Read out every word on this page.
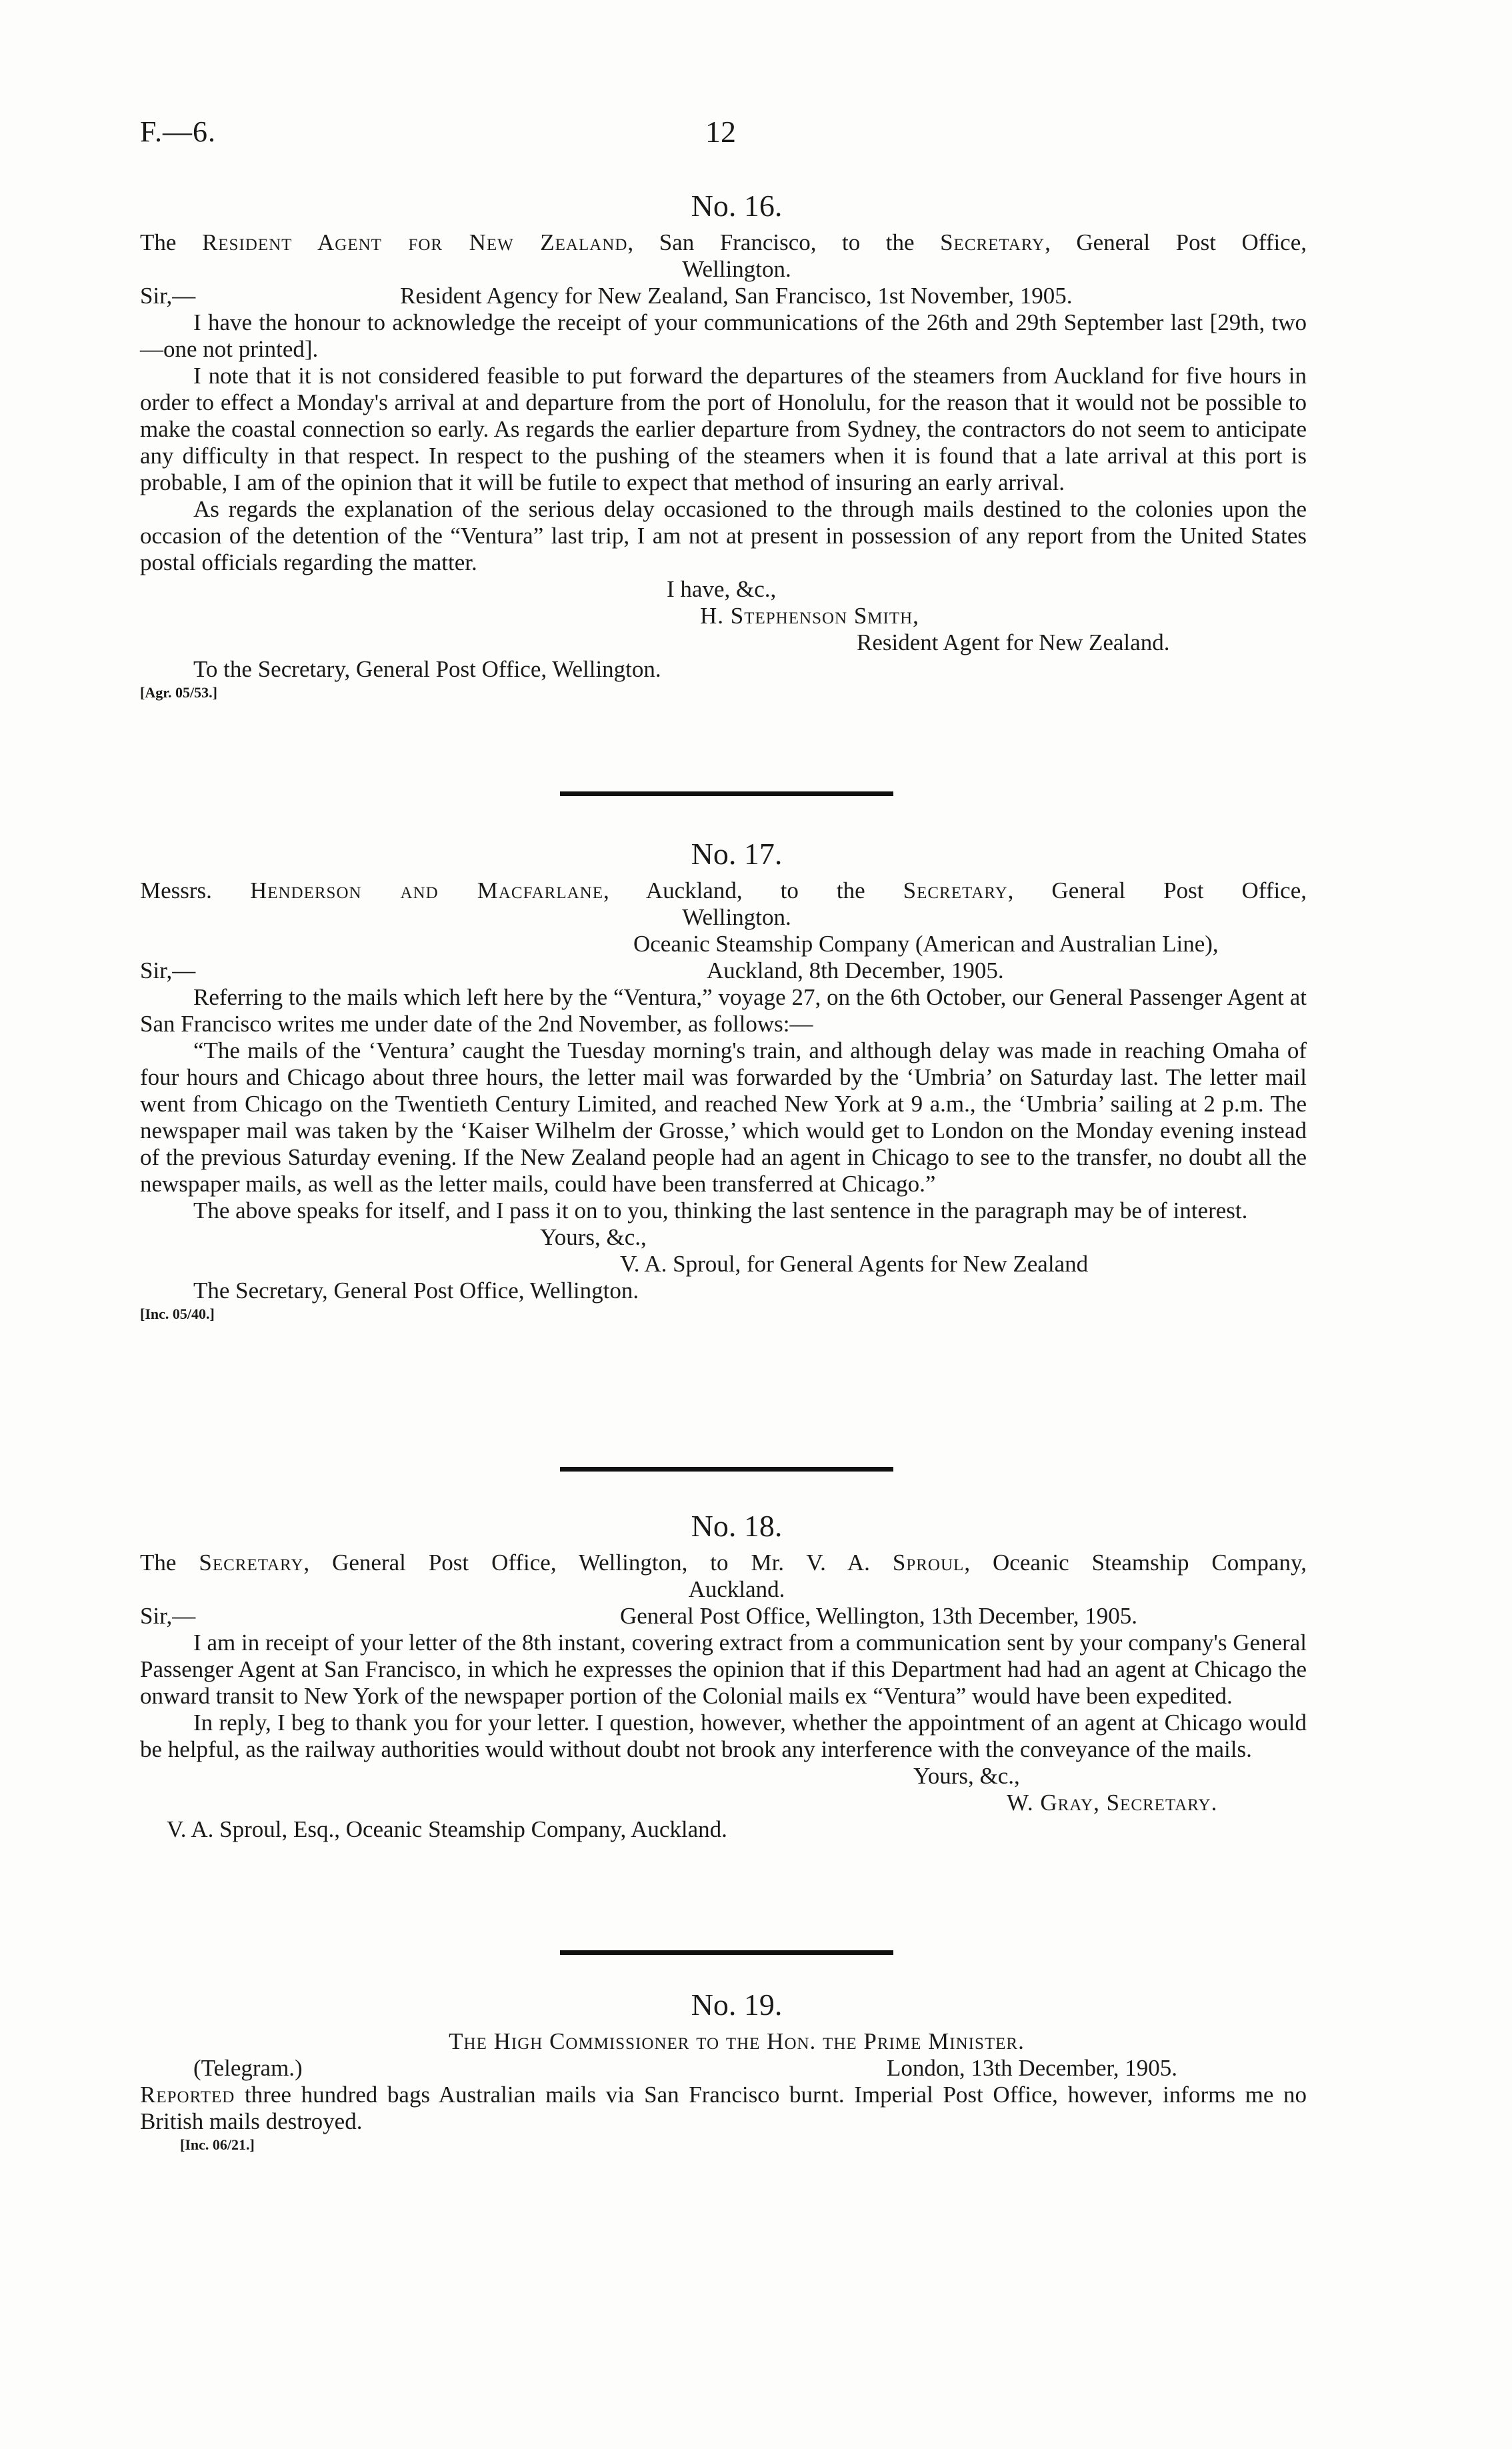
F.—6.	12
No. 16.

The Resident Agent for New Zealand, San Francisco, to the Secretary, General Post Office,

Wellington.

Sir,—	Resident Agency for New Zealand, San Francisco, 1st November, 1905.

I have the honour to acknowledge the receipt of your communications of the 26th and 29th September last [29th, two—one not printed].

I note that it is not considered feasible to put forward the departures of the steamers from Auckland for five hours in order to effect a Monday's arrival at and departure from the port of Honolulu, for the reason that it would not be possible to make the coastal connection so early. As regards the earlier departure from Sydney, the contractors do not seem to anticipate any difficulty in that respect. In respect to the pushing of the steamers when it is found that a late arrival at this port is probable, I am of the opinion that it will be futile to expect that method of insuring an early arrival.

As regards the explanation of the serious delay occasioned to the through mails destined to the colonies upon the occasion of the detention of the “Ventura” last trip, I am not at present in possession of any report from the United States postal officials regarding the matter.

I have, &c.,
H. Stephenson Smith,
Resident Agent for New Zealand.
To the Secretary, General Post Office, Wellington.
[Agr. 05/53.]
No. 17.

Messrs. Henderson and Macfarlane, Auckland, to the Secretary, General Post Office,

Wellington.

Oceanic Steamship Company (American and Australian Line),
Sir,—	Auckland, 8th December, 1905.

Referring to the mails which left here by the “Ventura,” voyage 27, on the 6th October, our General Passenger Agent at San Francisco writes me under date of the 2nd November, as follows:—

“The mails of the ‘Ventura’ caught the Tuesday morning's train, and although delay was made in reaching Omaha of four hours and Chicago about three hours, the letter mail was forwarded by the ‘Umbria’ on Saturday last. The letter mail went from Chicago on the Twentieth Century Limited, and reached New York at 9 a.m., the ‘Umbria’ sailing at 2 p.m. The newspaper mail was taken by the ‘Kaiser Wilhelm der Grosse,’ which would get to London on the Monday evening instead of the previous Saturday evening. If the New Zealand people had an agent in Chicago to see to the transfer, no doubt all the newspaper mails, as well as the letter mails, could have been transferred at Chicago.”

The above speaks for itself, and I pass it on to you, thinking the last sentence in the paragraph may be of interest.

Yours, &c.,
V. A. Sproul, for General Agents for New Zealand
The Secretary, General Post Office, Wellington.
[Inc. 05/40.]
No. 18.

The Secretary, General Post Office, Wellington, to Mr. V. A. Sproul, Oceanic Steamship Company,

Auckland.

Sir,—	General Post Office, Wellington, 13th December, 1905.

I am in receipt of your letter of the 8th instant, covering extract from a communication sent by your company's General Passenger Agent at San Francisco, in which he expresses the opinion that if this Department had had an agent at Chicago the onward transit to New York of the newspaper portion of the Colonial mails ex “Ventura” would have been expedited.

In reply, I beg to thank you for your letter. I question, however, whether the appointment of an agent at Chicago would be helpful, as the railway authorities would without doubt not brook any interference with the conveyance of the mails.

Yours, &c.,
W. Gray, Secretary.
V. A. Sproul, Esq., Oceanic Steamship Company, Auckland.
No. 19.

The High Commissioner to the Hon. the Prime Minister.

(Telegram.)	London, 13th December, 1905.

Reported three hundred bags Australian mails via San Francisco burnt. Imperial Post Office, however, informs me no British mails destroyed.

[Inc. 06/21.]
